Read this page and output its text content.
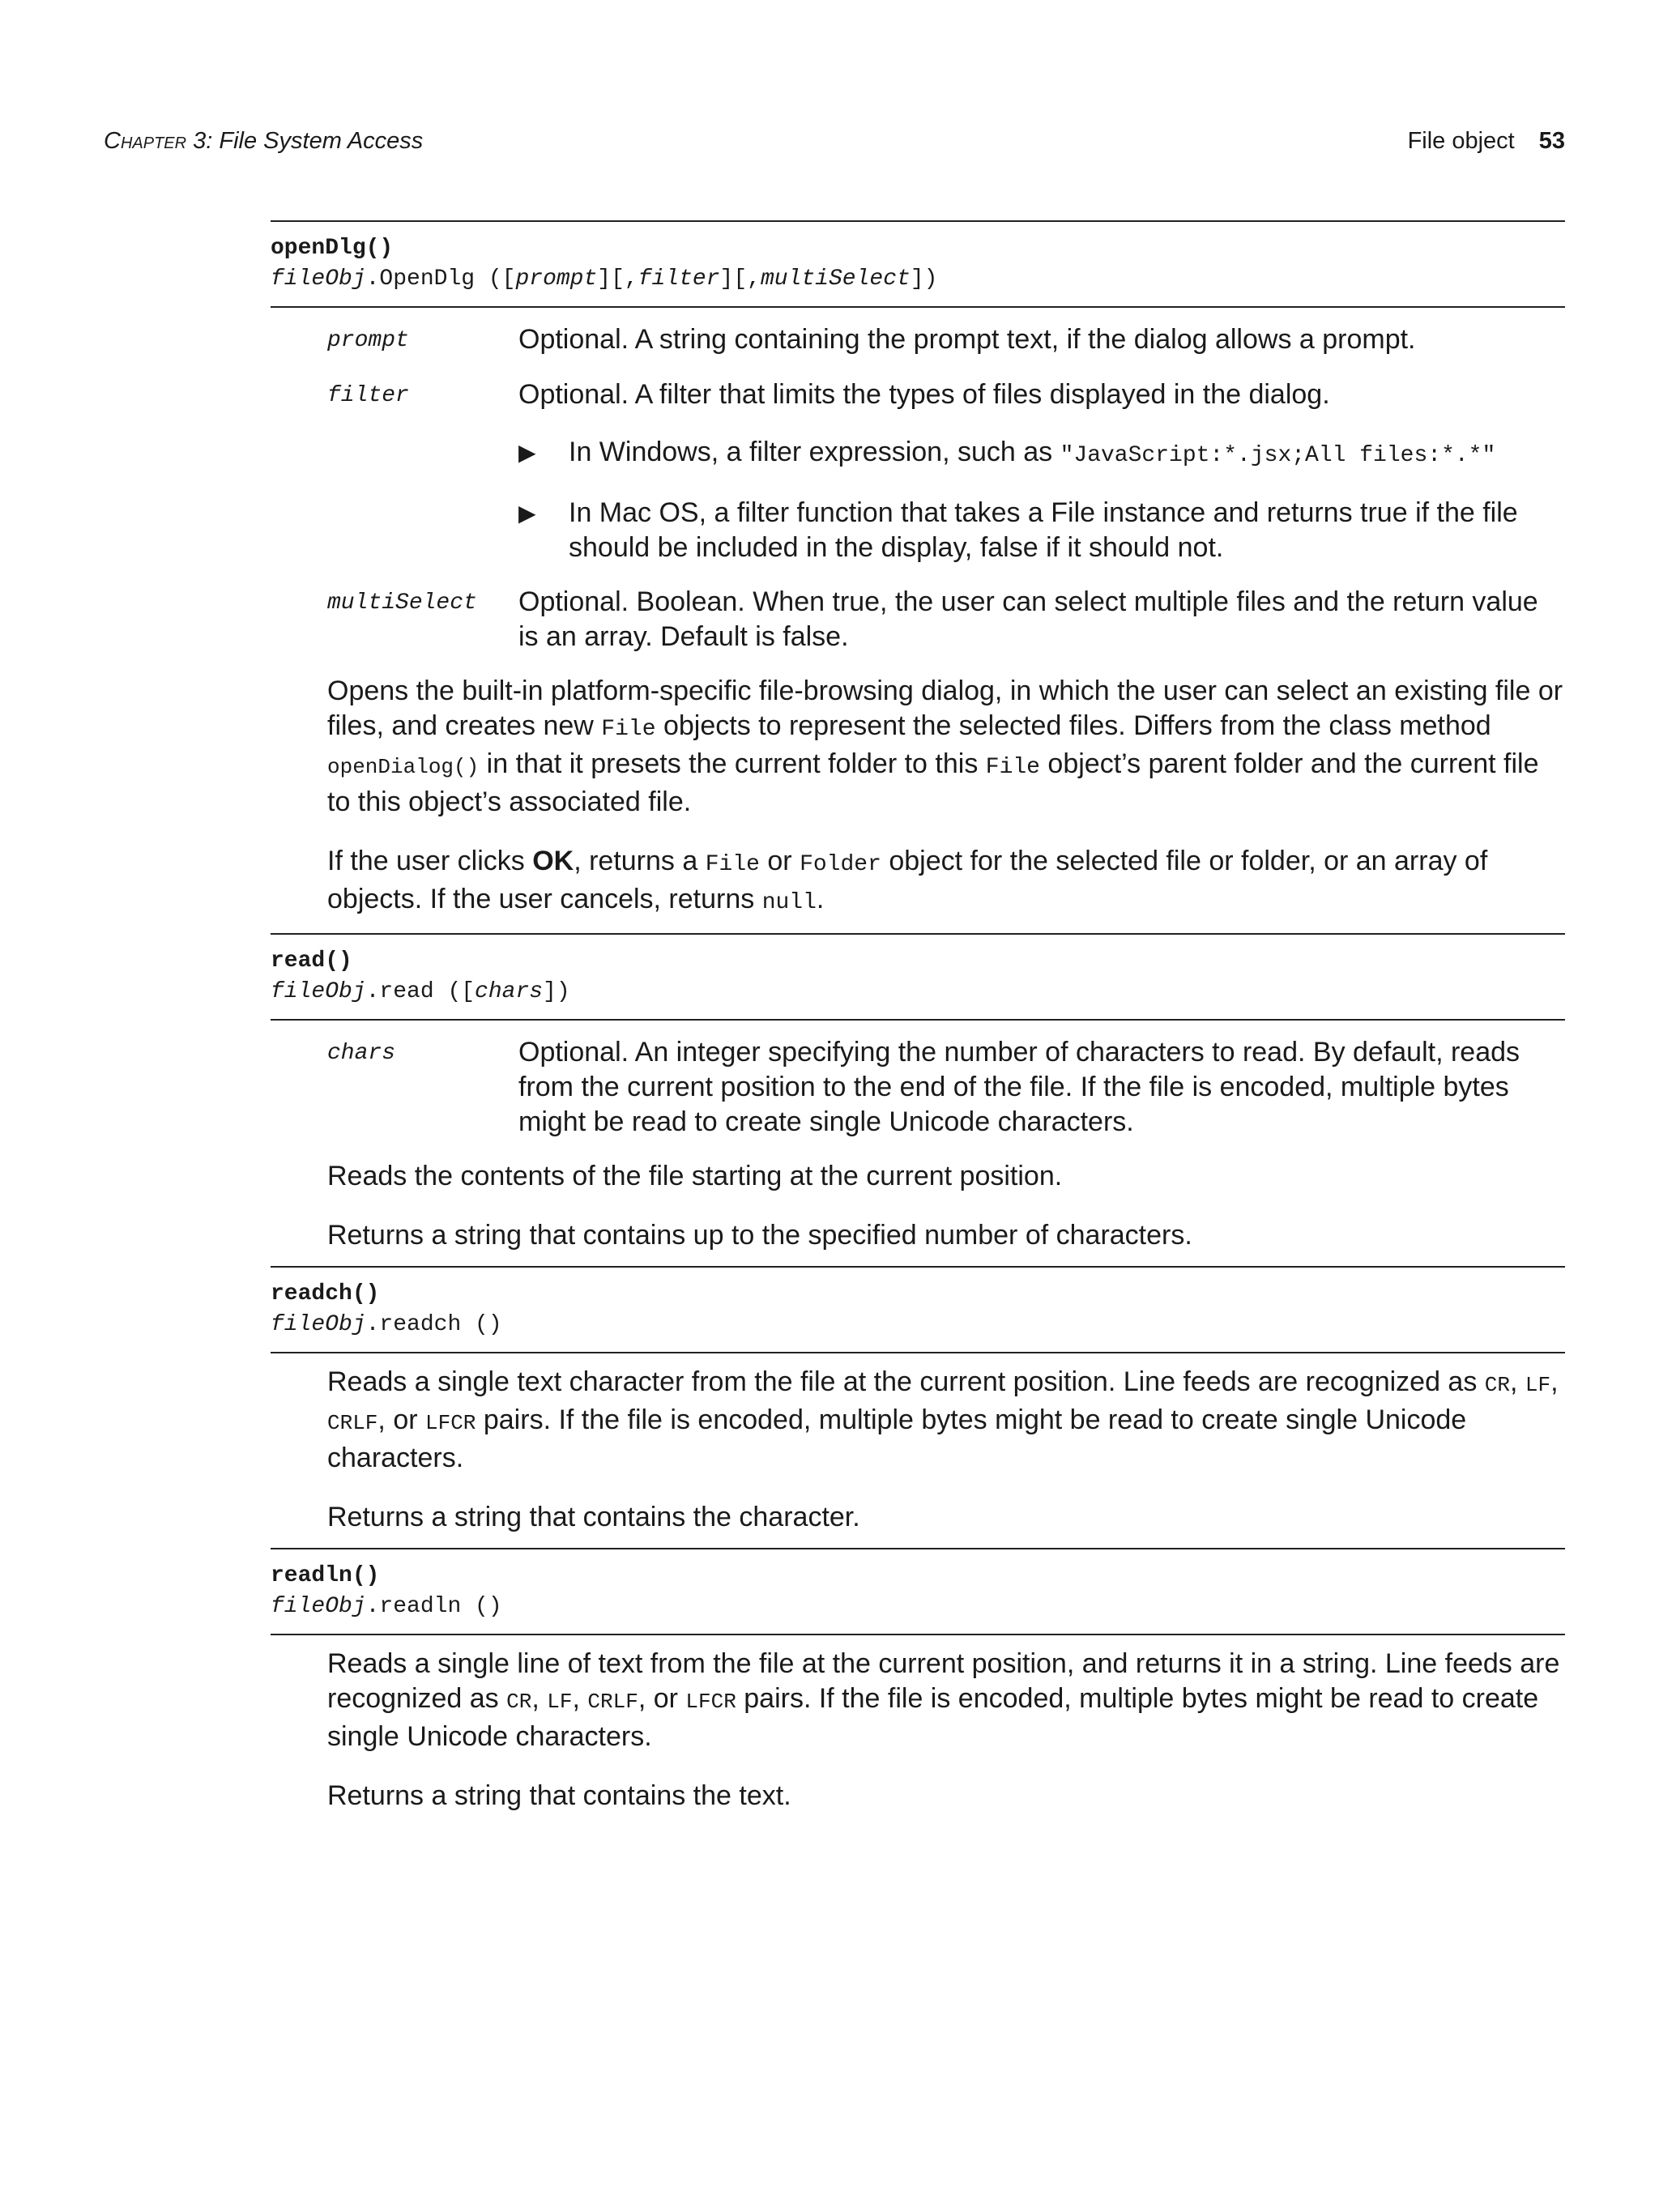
Chapter 3: File System Access	File object 53
openDlg()
fileObj.OpenDlg ([prompt][,filter][,multiSelect])
prompt	Optional. A string containing the prompt text, if the dialog allows a prompt.

filter	Optional. A filter that limits the types of files displayed in the dialog.

▶	In Windows, a filter expression, such as "JavaScript:*.jsx;All files:*.*"
▶	In Mac OS, a filter function that takes a File instance and returns true if the file should be included in the display, false if it should not.
multiSelect	Optional. Boolean. When true, the user can select multiple files and the return value is an array. Default is false.

Opens the built-in platform-specific file-browsing dialog, in which the user can select an existing file or files, and creates new File objects to represent the selected files. Differs from the class method openDialog() in that it presets the current folder to this File object’s parent folder and the current file to this object’s associated file.

If the user clicks OK, returns a File or Folder object for the selected file or folder, or an array of objects. If the user cancels, returns null.

read()
fileObj.read ([chars])
chars	Optional. An integer specifying the number of characters to read. By default, reads from the current position to the end of the file. If the file is encoded, multiple bytes might be read to create single Unicode characters.

Reads the contents of the file starting at the current position.

Returns a string that contains up to the specified number of characters.

readch()
fileObj.readch ()

Reads a single text character from the file at the current position. Line feeds are recognized as CR, LF, CRLF, or LFCR pairs. If the file is encoded, multiple bytes might be read to create single Unicode characters.

Returns a string that contains the character.

readln()
fileObj.readln ()

Reads a single line of text from the file at the current position, and returns it in a string. Line feeds are recognized as CR, LF, CRLF, or LFCR pairs. If the file is encoded, multiple bytes might be read to create single Unicode characters.

Returns a string that contains the text.
